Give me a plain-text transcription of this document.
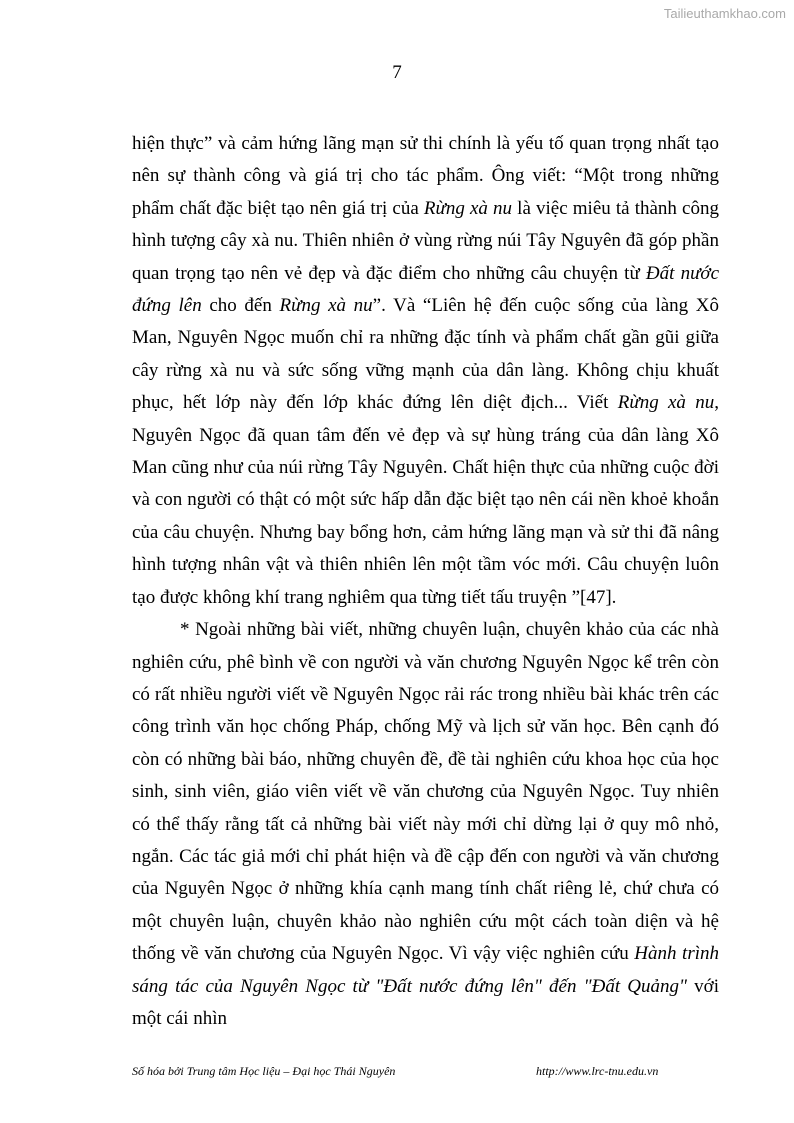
Tailieuthamkhao.com
7

hiện thực” và cảm hứng lãng mạn sử thi chính là yếu tố quan trọng nhất tạo nên sự thành công và giá trị cho tác phẩm. Ông viết: “Một trong những phẩm chất đặc biệt tạo nên giá trị của Rừng xà nu là việc miêu tả thành công hình tượng cây xà nu. Thiên nhiên ở vùng rừng núi Tây Nguyên đã góp phần quan trọng tạo nên vẻ đẹp và đặc điểm cho những câu chuyện từ Đất nước đứng lên cho đến Rừng xà nu”. Và “Liên hệ đến cuộc sống của làng Xô Man, Nguyên Ngọc muốn chỉ ra những đặc tính và phẩm chất gần gũi giữa cây rừng xà nu và sức sống vững mạnh của dân làng. Không chịu khuất phục, hết lớp này đến lớp khác đứng lên diệt địch... Viết Rừng xà nu, Nguyên Ngọc đã quan tâm đến vẻ đẹp và sự hùng tráng của dân làng Xô Man cũng như của núi rừng Tây Nguyên. Chất hiện thực của những cuộc đời và con người có thật có một sức hấp dẫn đặc biệt tạo nên cái nền khoẻ khoắn của câu chuyện. Nhưng bay bổng hơn, cảm hứng lãng mạn và sử thi đã nâng hình tượng nhân vật và thiên nhiên lên một tầm vóc mới. Câu chuyện luôn tạo được không khí trang nghiêm qua từng tiết tấu truyện ”[47].

* Ngoài những bài viết, những chuyên luận, chuyên khảo của các nhà nghiên cứu, phê bình về con người và văn chương Nguyên Ngọc kể trên còn có rất nhiều người viết về Nguyên Ngọc rải rác trong nhiều bài khác trên các công trình văn học chống Pháp, chống Mỹ và lịch sử văn học. Bên cạnh đó còn có những bài báo, những chuyên đề, đề tài nghiên cứu khoa học của học sinh, sinh viên, giáo viên viết về văn chương của Nguyên Ngọc. Tuy nhiên có thể thấy rằng tất cả những bài viết này mới chỉ dừng lại ở quy mô nhỏ, ngắn. Các tác giả mới chỉ phát hiện và đề cập đến con người và văn chương của Nguyên Ngọc ở những khía cạnh mang tính chất riêng lẻ, chứ chưa có một chuyên luận, chuyên khảo nào nghiên cứu một cách toàn diện và hệ thống về văn chương của Nguyên Ngọc. Vì vậy việc nghiên cứu Hành trình sáng tác của Nguyên Ngọc từ "Đất nước đứng lên" đến "Đất Quảng" với một cái nhìn

Số hóa bởi Trung tâm Học liệu – Đại học Thái Nguyên	http://www.lrc-tnu.edu.vn
